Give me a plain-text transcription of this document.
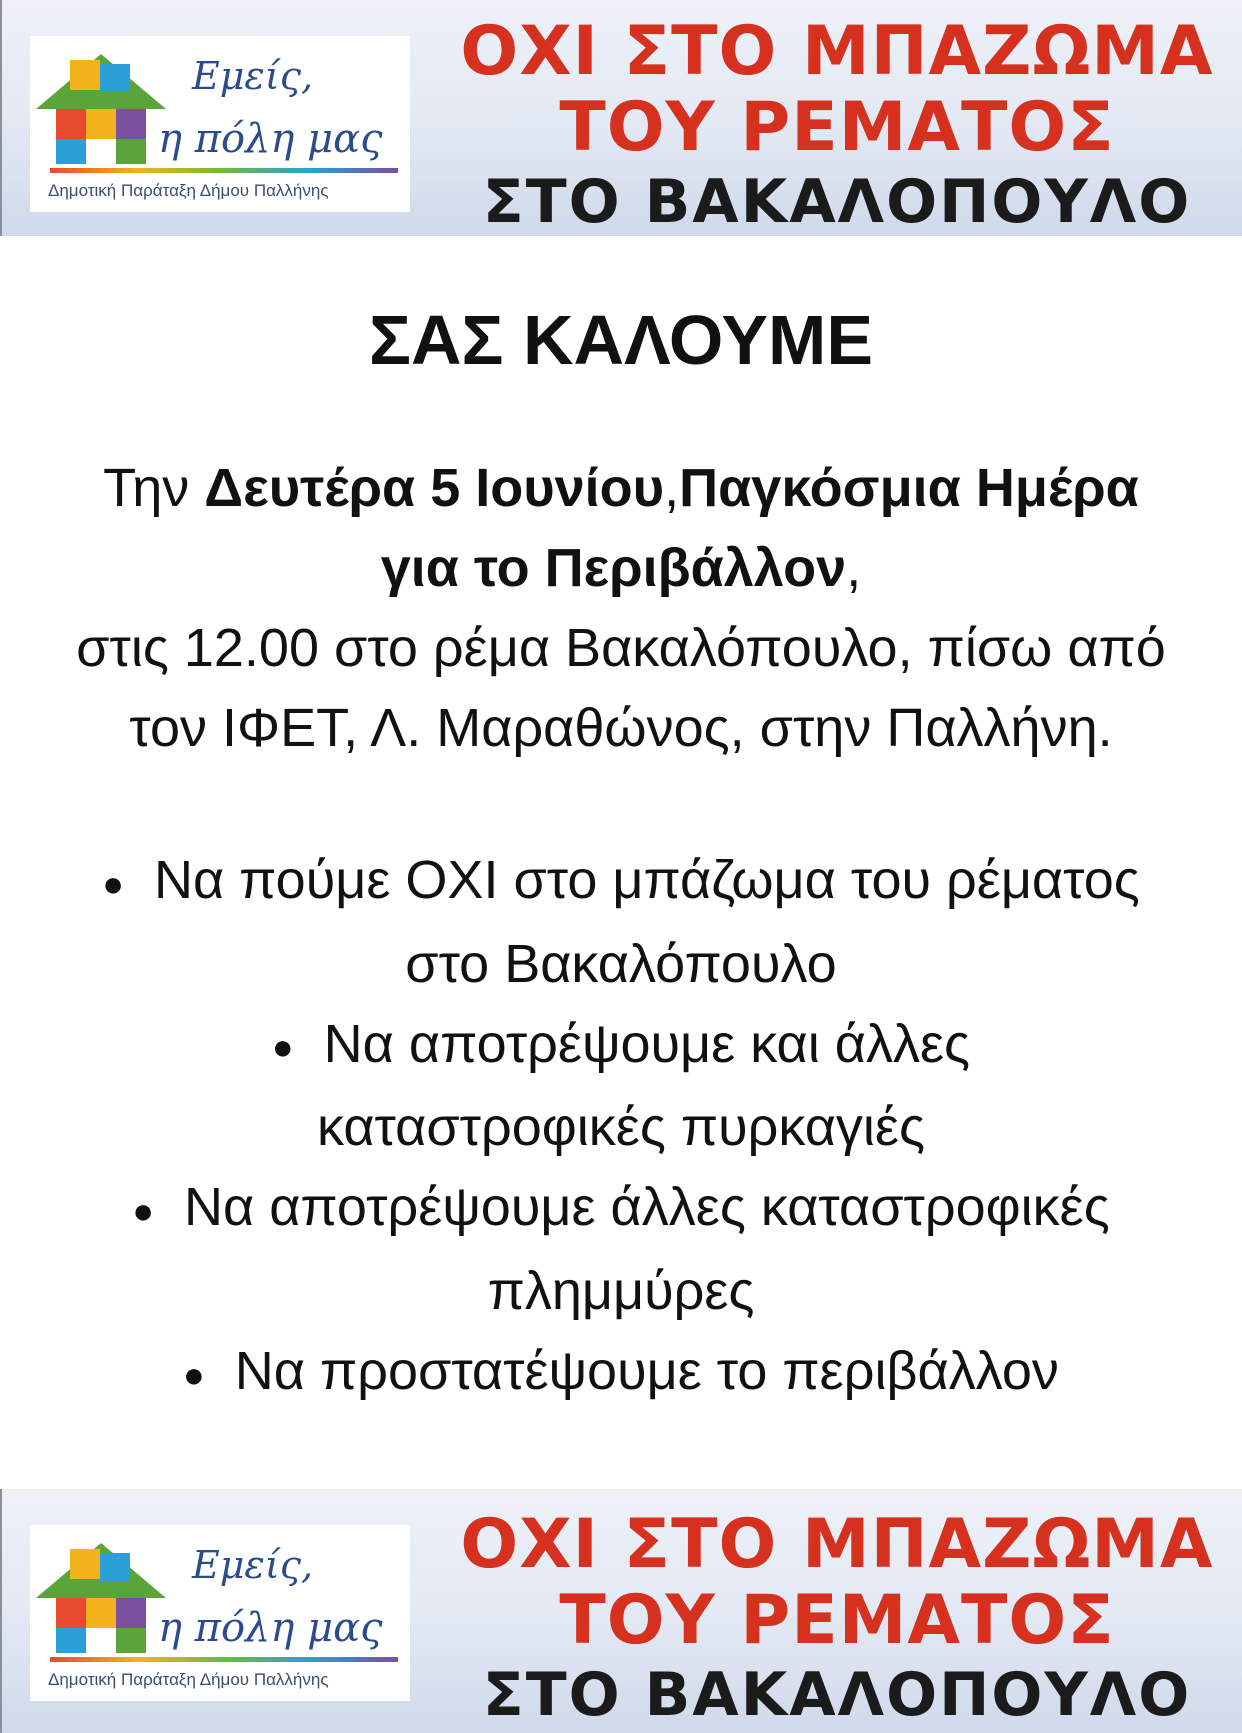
Εμείς,
η πόλη μας
Δημοτική Παράταξη Δήμου Παλλήνης
ΟΧΙ ΣΤΟ ΜΠΑΖΩΜΑ
ΤΟΥ ΡΕΜΑΤΟΣ
ΣΤΟ ΒΑΚΑΛΟΠΟΥΛΟ
ΣΑΣ ΚΑΛΟΥΜΕ
Την Δευτέρα 5 Ιουνίου,Παγκόσμια Ημέρα
για το Περιβάλλον,
στις 12.00 στο ρέμα Βακαλόπουλο, πίσω από
τον ΙΦΕΤ, Λ. Μαραθώνος, στην Παλλήνη.
● Να πούμε ΟΧΙ στο μπάζωμα του ρέματος
στο Βακαλόπουλο
● Να αποτρέψουμε και άλλες
καταστροφικές πυρκαγιές
● Να αποτρέψουμε άλλες καταστροφικές
πλημμύρες
● Να προστατέψουμε το περιβάλλον
Εμείς,
η πόλη μας
Δημοτική Παράταξη Δήμου Παλλήνης
ΟΧΙ ΣΤΟ ΜΠΑΖΩΜΑ
ΤΟΥ ΡΕΜΑΤΟΣ
ΣΤΟ ΒΑΚΑΛΟΠΟΥΛΟ
